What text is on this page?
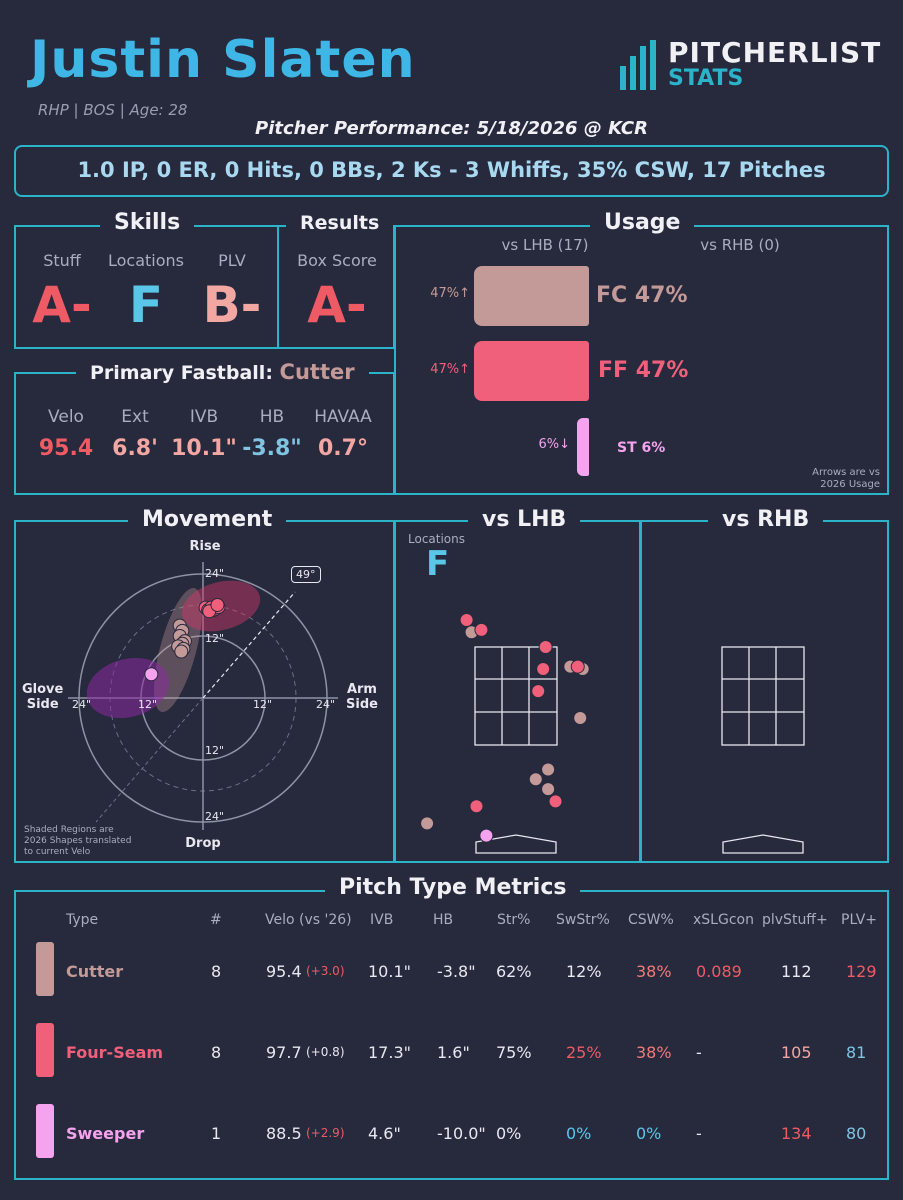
Justin Slaten
RHP | BOS | Age: 28
PITCHERLIST
STATS
Pitcher Performance: 5/18/2026 @ KCR
1.0 IP, 0 ER, 0 Hits, 0 BBs, 2 Ks - 3 Whiffs, 35% CSW, 17 Pitches
Skills	Results
Stuff	Locations	PLV
A- F B-
Box Score
A-
Primary Fastball: Cutter
Velo	Ext	IVB	HB	HAVAA
95.4 6.8' 10.1" -3.8" 0.7°
Usage
vs LHB (17)	vs RHB (0)
47%↑	FC 47%
47%↑	FF 47%
6%↓	ST 6%
Arrows are vs
2026 Usage
Movement
Rise
Drop
Glove
Side
Arm
Side
24"
12"
12"
24"
24"	12"	12"	24"
49°
Shaded Regions are
2026 Shapes translated
to current Velo
vs LHB
Locations
F
vs RHB
Pitch Type Metrics
Type	#	Velo (vs '26) IVB	HB	Str% SwStr% CSW% xSLGcon plvStuff+ PLV+
Cutter	8	95.4 (+3.0) 10.1" -3.8" 62% 12% 38% 0.089 112 129
Four-Seam	8	97.7 (+0.8) 17.3" 1.6" 75% 25% 38% -	105 81
Sweeper	1	88.5 (+2.9) 4.6" -10.0" 0%	0%	0% -	134 80
